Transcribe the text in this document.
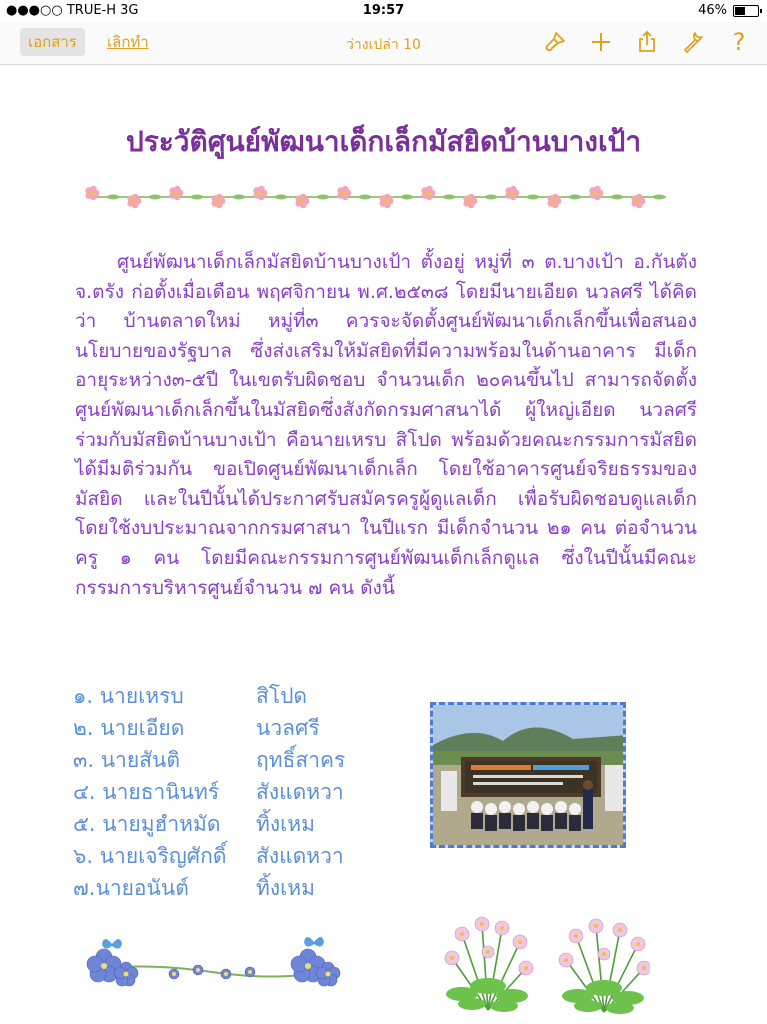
●●●○○ TRUE-H 3G	19:57	46%
เอกสาร	เลิกทำ	ว่างเปล่า 10	?
ประวัติศูนย์พัฒนาเด็กเล็กมัสยิดบ้านบางเป้า

ศูนย์พัฒนาเด็กเล็กมัสยิดบ้านบางเป้า ตั้งอยู่ หมู่ที่ ๓ ต.บางเป้า อ.กันตัง จ.ตรัง ก่อตั้งเมื่อเดือน พฤศจิกายน พ.ศ.๒๕๓๘ โดยมีนายเอียด นวลศรี ได้คิดว่า บ้านตลาดใหม่ หมู่ที่๓ ควรจะจัดตั้งศูนย์พัฒนาเด็กเล็กขึ้นเพื่อสนองนโยบายของรัฐบาล ซึ่งส่งเสริมให้มัสยิดที่มีความพร้อมในด้านอาคาร มีเด็กอายุระหว่าง๓-๕ปี ในเขตรับผิดชอบ จำนวนเด็ก ๒๐คนขึ้นไป สามารถจัดตั้งศูนย์พัฒนาเด็กเล็กขึ้นในมัสยิดซึ่งสังกัดกรมศาสนาได้ ผู้ใหญ่เอียด นวลศรี ร่วมกับมัสยิดบ้านบางเป้า คือนายเหรบ สิโปด พร้อมด้วยคณะกรรมการมัสยิดได้มีมติร่วมกัน ขอเปิดศูนย์พัฒนาเด็กเล็ก โดยใช้อาคารศูนย์จริยธรรมของมัสยิด และในปีนั้นได้ประกาศรับสมัครครูผู้ดูแลเด็ก เพื่อรับผิดชอบดูแลเด็ก โดยใช้งบประมาณจากกรมศาสนา ในปีแรก มีเด็กจำนวน ๒๑ คน ต่อจำนวนครู ๑ คน โดยมีคณะกรรมการศูนย์พัฒนเด็กเล็กดูแล ซึ่งในปีนั้นมีคณะกรรมการบริหารศูนย์จำนวน ๗ คน ดังนี้

๑. นายเหรบ	สิโปด
๒. นายเอียด	นวลศรี
๓. นายสันติ	ฤทธิ์สาคร
๔. นายธานินทร์	สังแดหวา
๕. นายมูฮำหมัด	ทิ้งเหม
๖. นายเจริญศักดิ์	สังแดหวา
๗.นายอนันต์	ทิ้งเหม
